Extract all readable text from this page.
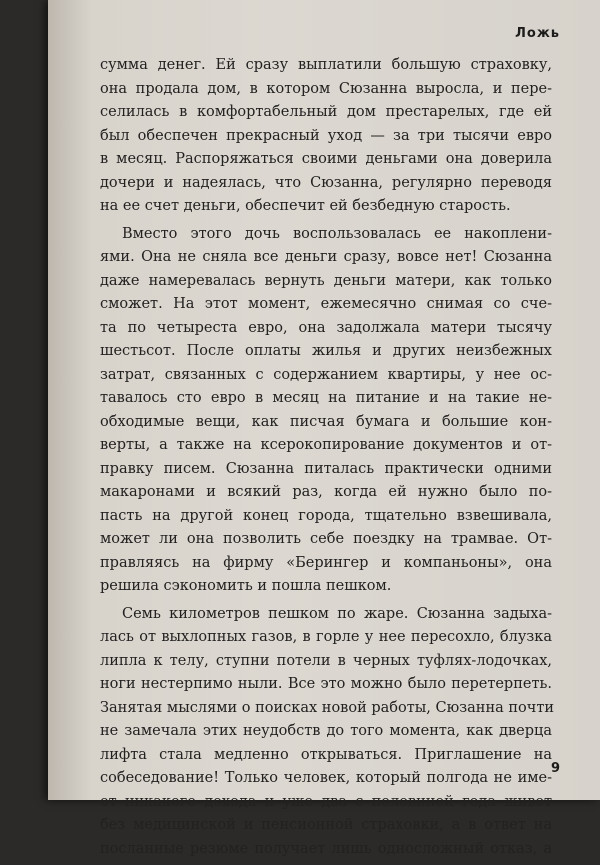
Ложь
сумма денег. Ей сразу выплатили большую страховку,
она продала дом, в котором Сюзанна выросла, и пере-
селилась в комфортабельный дом престарелых, где ей
был обеспечен прекрасный уход — за три тысячи евро
в месяц. Распоряжаться своими деньгами она доверила
дочери и надеялась, что Сюзанна, регулярно переводя
на ее счет деньги, обеспечит ей безбедную старость.
Вместо этого дочь воспользовалась ее накоплени-
ями. Она не сняла все деньги сразу, вовсе нет! Сюзанна
даже намеревалась вернуть деньги матери, как только
сможет. На этот момент, ежемесячно снимая со сче-
та по четыреста евро, она задолжала матери тысячу
шестьсот. После оплаты жилья и других неизбежных
затрат, связанных с содержанием квартиры, у нее ос-
тавалось сто евро в месяц на питание и на такие не-
обходимые вещи, как писчая бумага и большие кон-
верты, а также на ксерокопирование документов и от-
правку писем. Сюзанна питалась практически одними
макаронами и всякий раз, когда ей нужно было по-
пасть на другой конец города, тщательно взвешивала,
может ли она позволить себе поездку на трамвае. От-
правляясь на фирму «Берингер и компаньоны», она
решила сэкономить и пошла пешком.
Семь километров пешком по жаре. Сюзанна задыха-
лась от выхлопных газов, в горле у нее пересохло, блузка
липла к телу, ступни потели в черных туфлях-лодочках,
ноги нестерпимо ныли. Все это можно было перетерпеть.
Занятая мыслями о поисках новой работы, Сюзанна почти
не замечала этих неудобств до того момента, как дверца
лифта стала медленно открываться. Приглашение на
собеседование! Только человек, который полгода не име-
ет никакого дохода и уже два с половиной года живет
без медицинской и пенсионной страховки, а в ответ на
посланные резюме получает лишь односложный отказ, а
9
